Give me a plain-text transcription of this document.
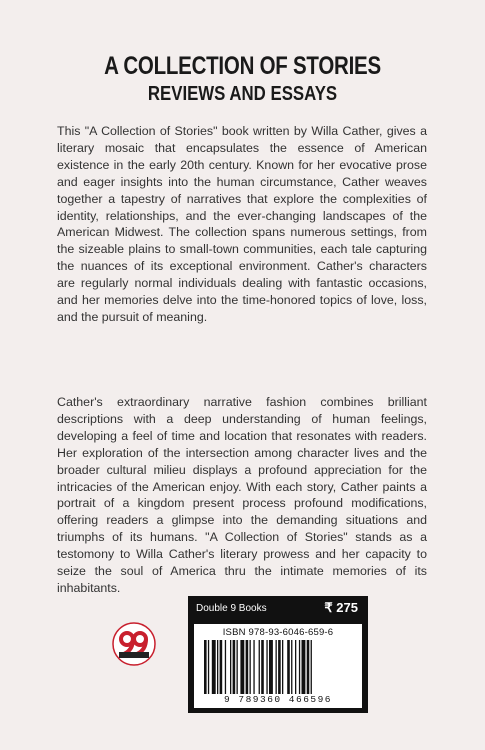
A COLLECTION OF STORIES
REVIEWS AND ESSAYS

This "A Collection of Stories" book written by Willa Cather, gives a literary mosaic that encapsulates the essence of American existence in the early 20th century. Known for her evocative prose and eager insights into the human circumstance, Cather weaves together a tapestry of narratives that explore the complexities of identity, relationships, and the ever-changing landscapes of the American Midwest. The collection spans numerous settings, from the sizeable plains to small-town communities, each tale capturing the nuances of its exceptional environment. Cather's characters are regularly normal individuals dealing with fantastic occasions, and her memories delve into the time-honored topics of love, loss, and the pursuit of meaning.

Cather's extraordinary narrative fashion combines brilliant descriptions with a deep understanding of human feelings, developing a feel of time and location that resonates with readers. Her exploration of the intersection among character lives and the broader cultural milieu displays a profound appreciation for the intricacies of the American enjoy. With each story, Cather paints a portrait of a kingdom present process profound modifications, offering readers a glimpse into the demanding situations and triumphs of its humans. "A Collection of Stories" stands as a testomony to Willa Cather's literary prowess and her capacity to seize the soul of America thru the intimate memories of its inhabitants.

Double 9 Books	₹ 275
ISBN 978-93-6046-659-6
9 789360 466596
